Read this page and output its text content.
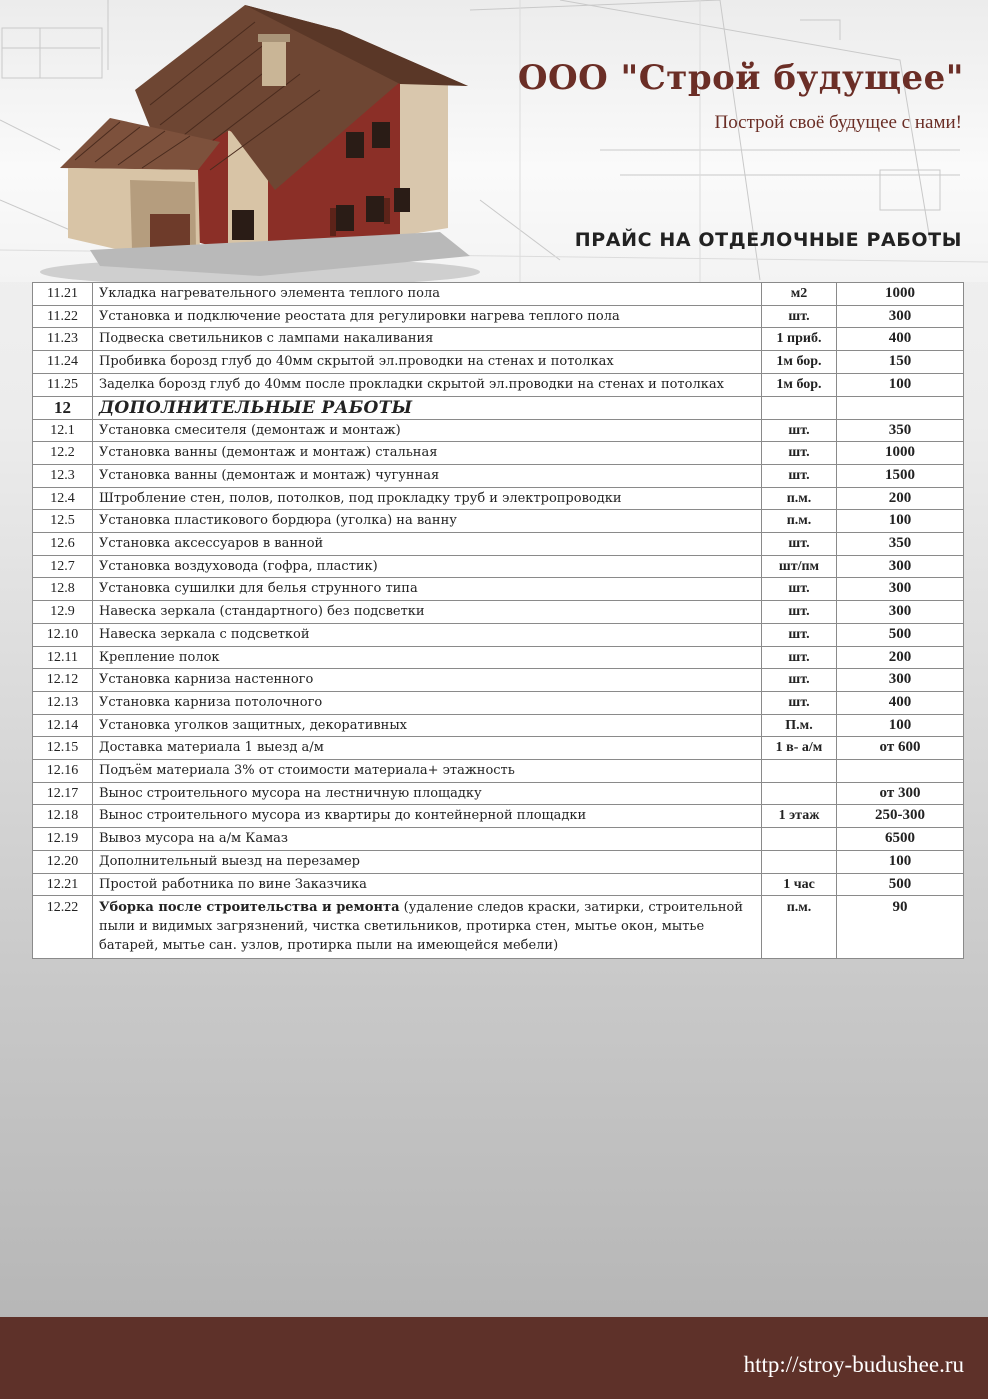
ООО "Строй будущее"
Построй своё будущее с нами!
ПРАЙС НА ОТДЕЛОЧНЫЕ РАБОТЫ
11.21	Укладка нагревательного элемента теплого пола	м2	1000
11.22	Установка и подключение реостата для регулировки нагрева теплого пола	шт.	300
11.23	Подвеска светильников с лампами накаливания	1 приб.	400
11.24	Пробивка борозд глуб до 40мм скрытой эл.проводки на стенах и потолках	1м бор.	150
11.25	Заделка борозд глуб до 40мм после прокладки скрытой эл.проводки на стенах и потолках	1м бор.	100
12	ДОПОЛНИТЕЛЬНЫЕ РАБОТЫ		
12.1	Установка смесителя (демонтаж и монтаж)	шт.	350
12.2	Установка ванны (демонтаж и монтаж) стальная	шт.	1000
12.3	Установка ванны (демонтаж и монтаж) чугунная	шт.	1500
12.4	Штробление стен, полов, потолков, под прокладку труб и электропроводки	п.м.	200
12.5	Установка пластикового бордюра (уголка) на ванну	п.м.	100
12.6	Установка аксессуаров в ванной	шт.	350
12.7	Установка воздуховода (гофра, пластик)	шт/пм	300
12.8	Установка сушилки для белья струнного типа	шт.	300
12.9	Навеска зеркала (стандартного) без подсветки	шт.	300
12.10	Навеска зеркала с подсветкой	шт.	500
12.11	Крепление полок	шт.	200
12.12	Установка карниза настенного	шт.	300
12.13	Установка карниза потолочного	шт.	400
12.14	Установка уголков защитных, декоративных	П.м.	100
12.15	Доставка материала 1 выезд а/м	1 в- а/м	от 600
12.16	Подъём материала 3% от стоимости материала+ этажность		
12.17	Вынос строительного мусора на лестничную площадку		от 300
12.18	Вынос строительного мусора из квартиры до контейнерной площадки	1 этаж	250-300
12.19	Вывоз мусора на а/м Камаз		6500
12.20	Дополнительный выезд на перезамер		100
12.21	Простой работника по вине Заказчика	1 час	500
12.22	Уборка после строительства и ремонта (удаление следов краски, затирки, строительной пыли и видимых загрязнений, чистка светильников, протирка стен, мытье окон, мытье батарей, мытье сан. узлов, протирка пыли на имеющейся мебели)	п.м.	90
http://stroy-budushee.ru
